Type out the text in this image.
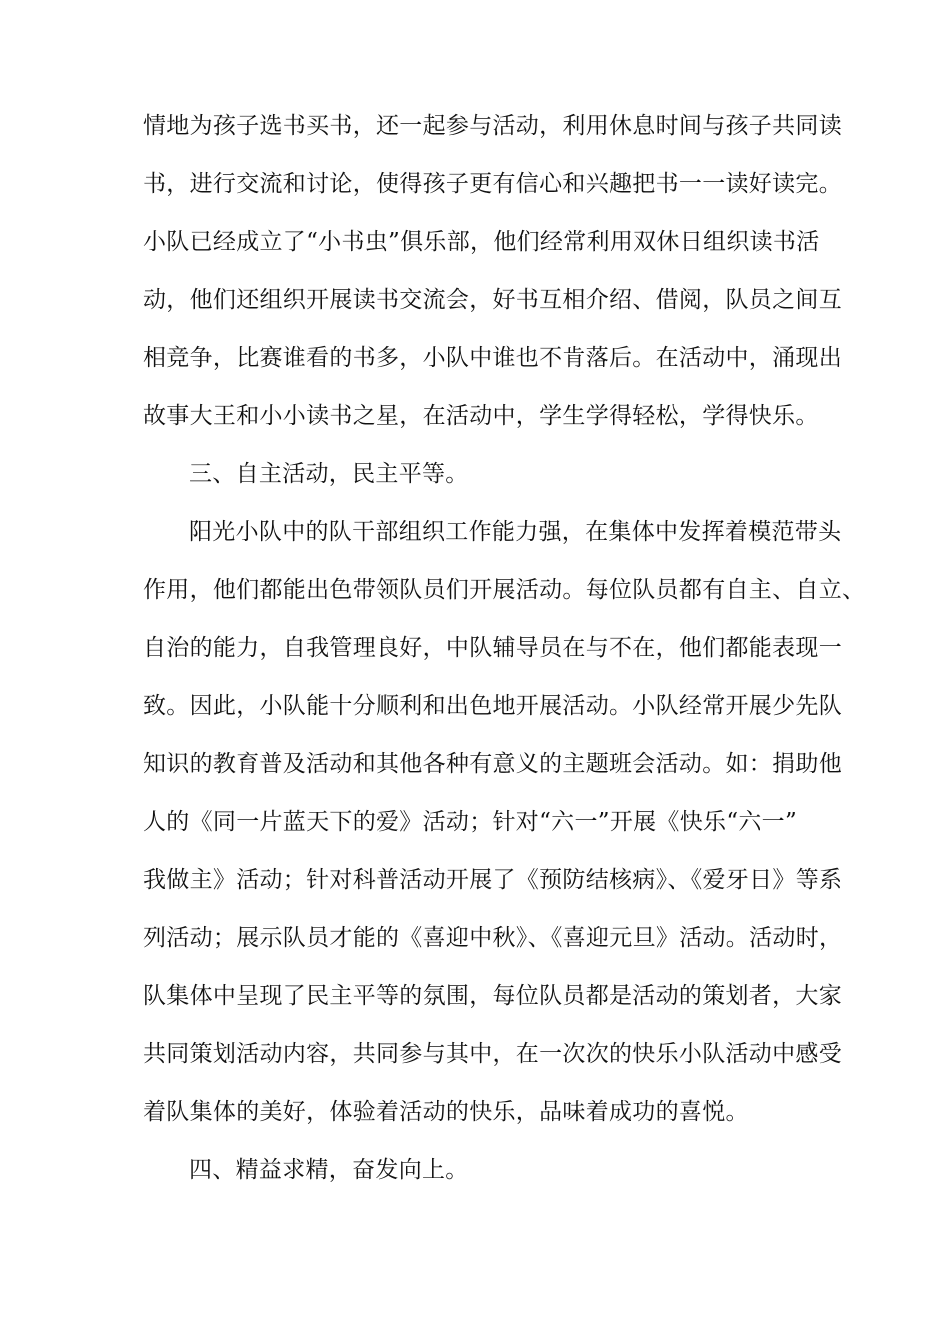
情地为孩子选书买书，还一起参与活动，利用休息时间与孩子共同读
书，进行交流和讨论，使得孩子更有信心和兴趣把书一一读好读完。
小队已经成立了“小书虫”俱乐部，他们经常利用双休日组织读书活
动，他们还组织开展读书交流会，好书互相介绍、借阅，队员之间互
相竞争，比赛谁看的书多，小队中谁也不肯落后。在活动中，涌现出
故事大王和小小读书之星，在活动中，学生学得轻松，学得快乐。
三、自主活动，民主平等。
阳光小队中的队干部组织工作能力强，在集体中发挥着模范带头
作用，他们都能出色带领队员们开展活动。每位队员都有自主、自立、
自治的能力，自我管理良好，中队辅导员在与不在，他们都能表现一
致。因此，小队能十分顺利和出色地开展活动。小队经常开展少先队
知识的教育普及活动和其他各种有意义的主题班会活动。如：捐助他
人的《同一片蓝天下的爱》活动；针对“六一”开展《快乐“六一”
我做主》活动；针对科普活动开展了《预防结核病》、《爱牙日》等系
列活动；展示队员才能的《喜迎中秋》、《喜迎元旦》活动。活动时，
队集体中呈现了民主平等的氛围，每位队员都是活动的策划者，大家
共同策划活动内容，共同参与其中，在一次次的快乐小队活动中感受
着队集体的美好，体验着活动的快乐，品味着成功的喜悦。
四、精益求精，奋发向上。
